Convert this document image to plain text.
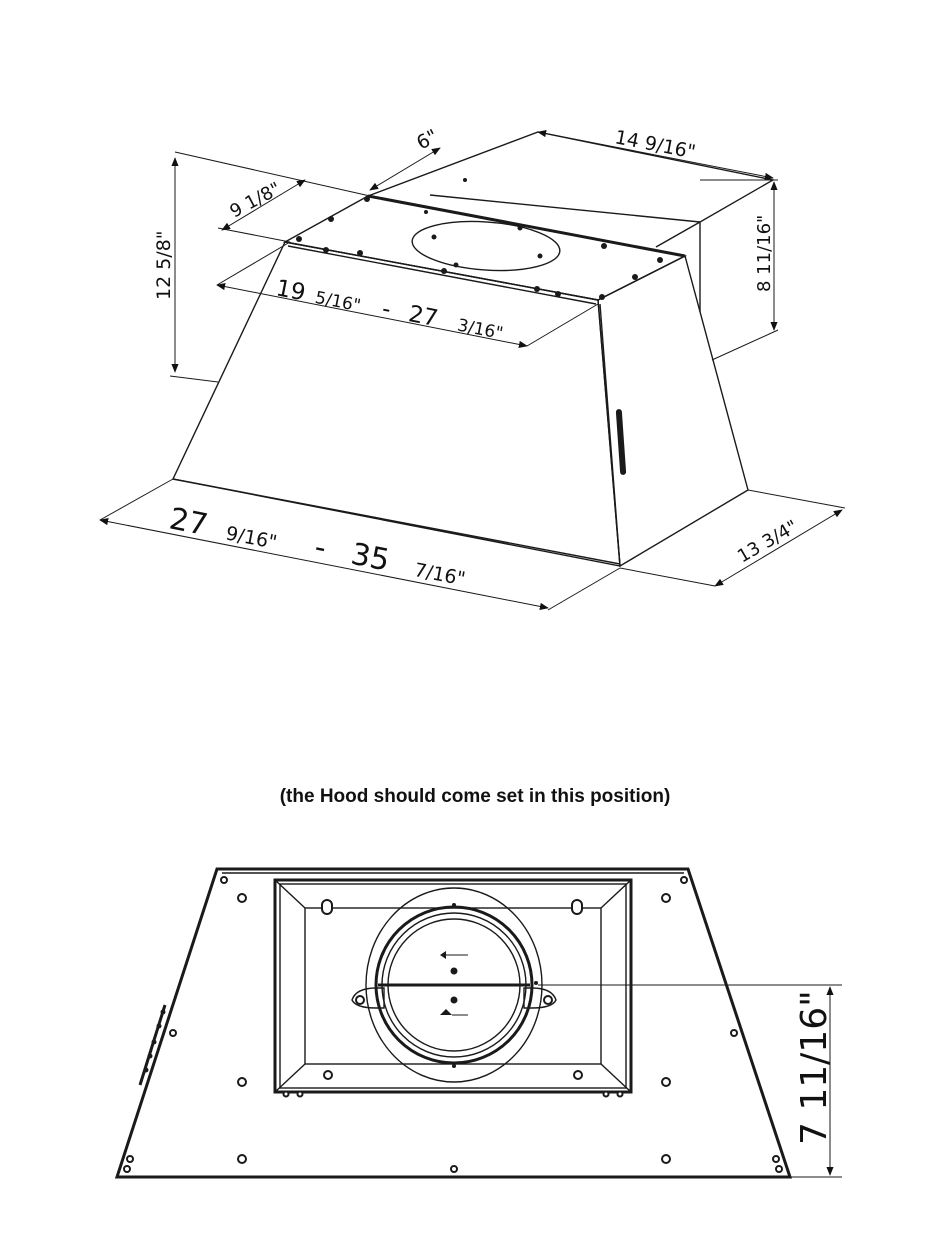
6"	14 9/16"
9 1/8"
12 5/8"	8 11/16"
19 5/16" - 27 3/16"
27 9/16" - 35 7/16"
13 3/4"
7 11/16"
(the Hood should come set in this position)
